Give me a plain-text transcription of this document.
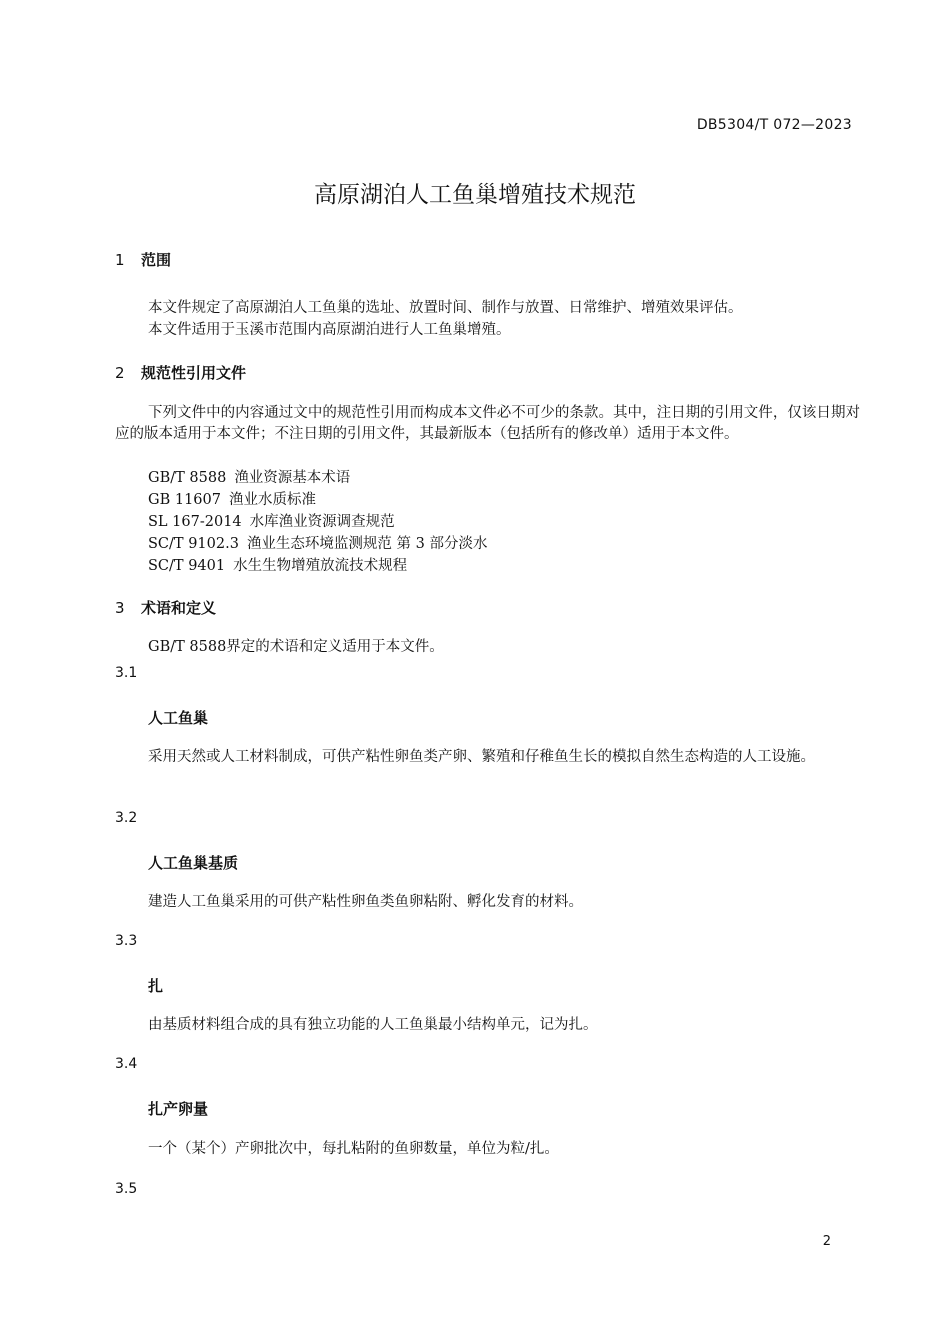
DB5304/T 072—2023
高原湖泊人工鱼巢增殖技术规范
1 范围
本文件规定了高原湖泊人工鱼巢的选址、放置时间、制作与放置、日常维护、增殖效果评估。
本文件适用于玉溪市范围内高原湖泊进行人工鱼巢增殖。
2 规范性引用文件
下列文件中的内容通过文中的规范性引用而构成本文件必不可少的条款。其中，注日期的引用文件，仅该日期对应的版本适用于本文件；不注日期的引用文件，其最新版本（包括所有的修改单）适用于本文件。
GB/T 8588 渔业资源基本术语
GB 11607 渔业水质标准
SL 167-2014 水库渔业资源调查规范
SC/T 9102.3 渔业生态环境监测规范 第 3 部分淡水
SC/T 9401 水生生物增殖放流技术规程
3 术语和定义
GB/T 8588界定的术语和定义适用于本文件。
3.1
人工鱼巢
采用天然或人工材料制成，可供产粘性卵鱼类产卵、繁殖和仔稚鱼生长的模拟自然生态构造的人工设施。
3.2
人工鱼巢基质
建造人工鱼巢采用的可供产粘性卵鱼类鱼卵粘附、孵化发育的材料。
3.3
扎
由基质材料组合成的具有独立功能的人工鱼巢最小结构单元，记为扎。
3.4
扎产卵量
一个（某个）产卵批次中，每扎粘附的鱼卵数量，单位为粒/扎。
3.5
2
